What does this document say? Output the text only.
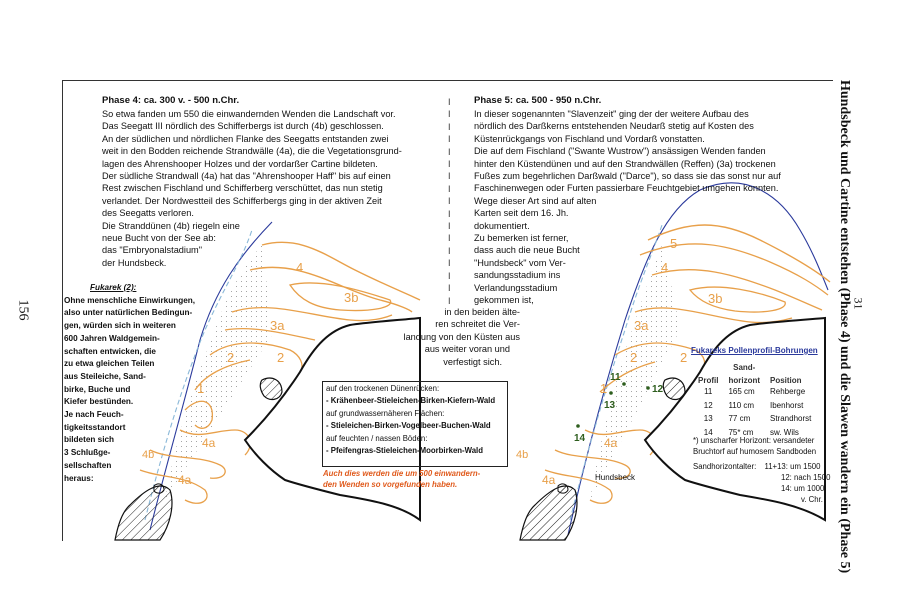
156	31
Hundsbeck und Cartine entstehen (Phase 4) und die Slawen wandern ein (Phase 5)
4
3b
3a
2
2
1
4a
4a
4b
5
4
3b
3a
2
2
1
4a
4a
4b
Hundsbeck
11
12
13
14
Phase 4: ca. 300 v. - 500 n.Chr.

So etwa fanden um 550 die einwandernden Wenden die Landschaft vor.

Das Seegatt III nördlich des Schifferbergs ist durch (4b) geschlossen.

An der südlichen und nördlichen Flanke des Seegatts entstanden zwei

weit in den Bodden reichende Strandwälle (4a), die die Vegetationsgrund-

lagen des Ahrenshooper Holzes und der vordarßer Cartine bildeten.

Der südliche Strandwall (4a) hat das "Ahrenshooper Haff" bis auf einen

Rest zwischen Fischland und Schifferberg verschüttet, das nun stetig

verlandet. Der Nordwestteil des Schifferbergs ging in der aktiven Zeit

des Seegatts verloren.

Die Stranddünen (4b) riegeln eine

neue Bucht von der See ab:

das "Embryonalstadium"

der Hundsbeck.

I
I
I
I
I
I
I
I
I
I
I
I
I
I
I
I
I

Fukarek (2):

Ohne menschliche Einwirkungen,

also unter natürlichen Bedingun-

gen, würden sich in weiteren

600 Jahren Waldgemein-

schaften entwicken, die

zu etwa gleichen Teilen

aus Steileiche, Sand-

birke, Buche und

Kiefer bestünden.

Je nach Feuch-

tigkeitsstandort

bildeten sich

3 Schlußge-

sellschaften

heraus:

auf den trockenen Dünenrücken:

- Krähenbeer-Stieleichen-Birken-Kiefern-Wald

auf grundwassernäheren Flächen:

- Stieleichen-Birken-Vogelbeer-Buchen-Wald

auf feuchten / nassen Böden:

- Pfeifengras-Stieleichen-Moorbirken-Wald

Auch dies werden die um 500 einwandern-

den Wenden so vorgefunden haben.

Phase 5: ca. 500 - 950 n.Chr.

In dieser sogenannten "Slavenzeit" ging der der weitere Aufbau des

nördlich des Darßkerns entstehenden Neudarß stetig auf Kosten des

Küstenrückgangs von Fischland und Vordarß vonstatten.

Die auf dem Fischland ("Swante Wustrow") ansässigen Wenden fanden

hinter den Küstendünen und auf den Strandwällen (Reffen) (3a) trockenen

Fußes zum begehrlichen Darßwald ("Darce"), so dass sie das sonst nur auf

Faschinenwegen oder Furten passierbare Feuchtgebiet umgehen konnten.

Wege dieser Art sind auf alten

Karten seit dem 16. Jh.

dokumentiert.

Zu bemerken ist ferner,

dass auch die neue Bucht

"Hundsbeck" vom Ver-

sandungsstadium ins

Verlandungsstadium

gekommen ist,

in den beiden älte-

ren schreitet die Ver-

landung von den Küsten aus

aus weiter voran und

verfestigt sich.

Fukareks Pollenprofil-Bohrungen
	Sand-	
Profil	horizont	Position
11	165 cm	Rehberge
12	110 cm	Ibenhorst
13	77 cm	Strandhorst
14	75* cm	sw. Wils
*) unscharfer Horizont: versandeter
Bruchtorf auf humosem Sandboden
Sandhorizontalter: 11+13: um 1500
12: nach 1500
14: um 1000
v. Chr.
